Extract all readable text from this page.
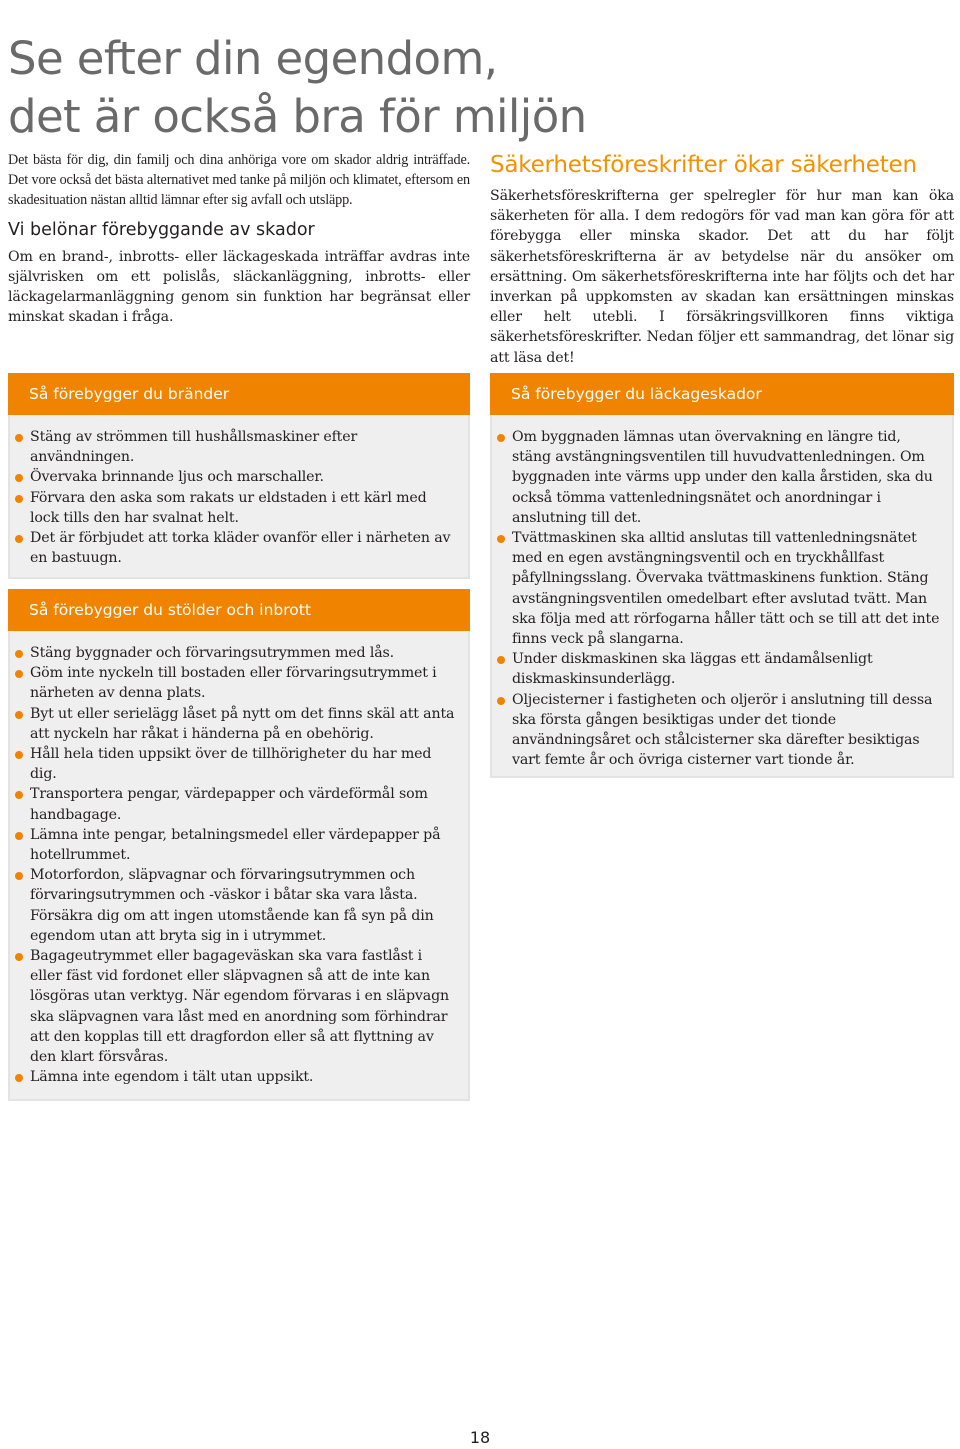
Se efter din egendom,
det är också bra för miljön

Det bästa för dig, din familj och dina anhöriga vore om skador aldrig inträffade. Det vore också det bästa alternativet med tanke på miljön och klimatet, eftersom en skadesituation nästan alltid lämnar efter sig avfall och utsläpp.

Vi belönar förebyggande av skador

Om en brand-, inbrotts- eller läckageskada inträffar avdras inte självrisken om ett polislås, släckanläggning, inbrotts- eller läckagelarmanläggning genom sin funktion har begränsat eller minskat skadan i fråga.

Säkerhetsföreskrifter ökar säkerheten

Säkerhetsföreskrifterna ger spelregler för hur man kan öka säkerheten för alla. I dem redogörs för vad man kan göra för att förebygga eller minska skador. Det att du har följt säkerhetsföreskrifterna är av betydelse när du ansöker om ersättning. Om säkerhetsföreskrifterna inte har följts och det har inverkan på uppkomsten av skadan kan ersättningen minskas eller helt utebli. I försäkringsvillkoren finns viktiga säkerhetsföreskrifter. Nedan följer ett sammandrag, det lönar sig att läsa det!

Så förebygger du bränder
Stäng av strömmen till hushållsmaskiner efter användningen.
Övervaka brinnande ljus och marschaller.
Förvara den aska som rakats ur eldstaden i ett kärl med lock tills den har svalnat helt.
Det är förbjudet att torka kläder ovanför eller i närheten av en bastuugn.
Så förebygger du stölder och inbrott
Stäng byggnader och förvaringsutrymmen med lås.
Göm inte nyckeln till bostaden eller förvaringsutrymmet i närheten av denna plats.
Byt ut eller serielägg låset på nytt om det finns skäl att anta att nyckeln har råkat i händerna på en obehörig.
Håll hela tiden uppsikt över de tillhörigheter du har med dig.
Transportera pengar, värdepapper och värdeförmål som handbagage.
Lämna inte pengar, betalningsmedel eller värdepapper på hotellrummet.
Motorfordon, släpvagnar och förvaringsutrymmen och förvaringsutrymmen och -väskor i båtar ska vara låsta. Försäkra dig om att ingen utomstående kan få syn på din egendom utan att bryta sig in i utrymmet.
Bagageutrymmet eller bagageväskan ska vara fastlåst i eller fäst vid fordonet eller släpvagnen så att de inte kan lösgöras utan verktyg. När egendom förvaras i en släpvagn ska släpvagnen vara låst med en anordning som förhindrar att den kopplas till ett dragfordon eller så att flyttning av den klart försvåras.
Lämna inte egendom i tält utan uppsikt.
Så förebygger du läckageskador
Om byggnaden lämnas utan övervakning en längre tid, stäng avstängningsventilen till huvudvattenledningen. Om byggnaden inte värms upp under den kalla årstiden, ska du också tömma vattenledningsnätet och anordningar i anslutning till det.
Tvättmaskinen ska alltid anslutas till vattenledningsnätet med en egen avstängningsventil och en tryckhållfast påfyllningsslang. Övervaka tvättmaskinens funktion. Stäng avstängningsventilen omedelbart efter avslutad tvätt. Man ska följa med att rörfogarna håller tätt och se till att det inte finns veck på slangarna.
Under diskmaskinen ska läggas ett ändamålsenligt diskmaskinsunderlägg.
Oljecisterner i fastigheten och oljerör i anslutning till dessa ska första gången besiktigas under det tionde användningsåret och stålcisterner ska därefter besiktigas vart femte år och övriga cisterner vart tionde år.
18
